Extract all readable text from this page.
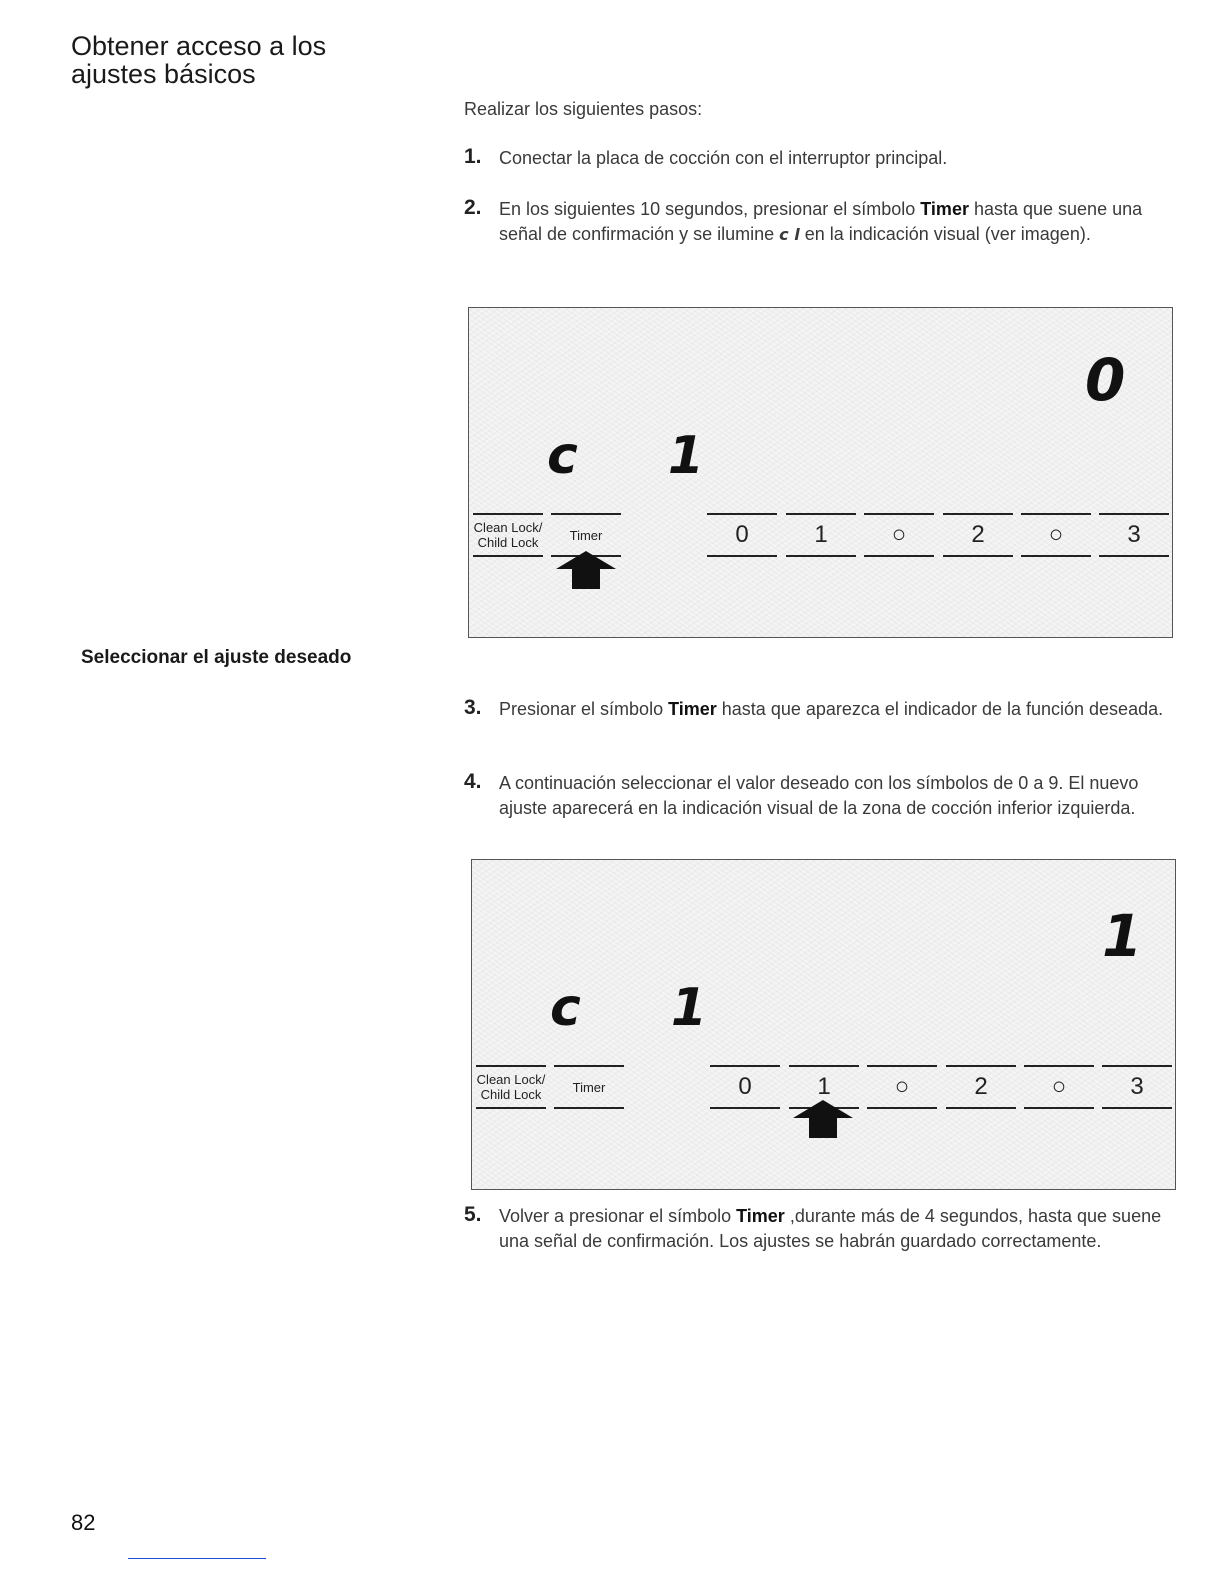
Obtener acceso a los ajustes básicos

Realizar los siguientes pasos:

1. Conectar la placa de cocción con el interruptor principal.
2. En los siguientes 10 segundos, presionar el símbolo Timer hasta que suene una señal de confirmación y se ilumine c l en la indicación visual (ver imagen).
c 1
0
Clean Lock/
Child Lock	Timer	0	1	○	2	○	3
Seleccionar el ajuste deseado
3. Presionar el símbolo Timer hasta que aparezca el indicador de la función deseada.
4. A continuación seleccionar el valor deseado con los símbolos de 0 a 9. El nuevo ajuste aparecerá en la indicación visual de la zona de cocción inferior izquierda.
c 1
1
Clean Lock/
Child Lock	Timer	0	1	○	2	○	3
5. Volver a presionar el símbolo Timer ,durante más de 4 segundos, hasta que suene una señal de confirmación. Los ajustes se habrán guardado correctamente.
82
